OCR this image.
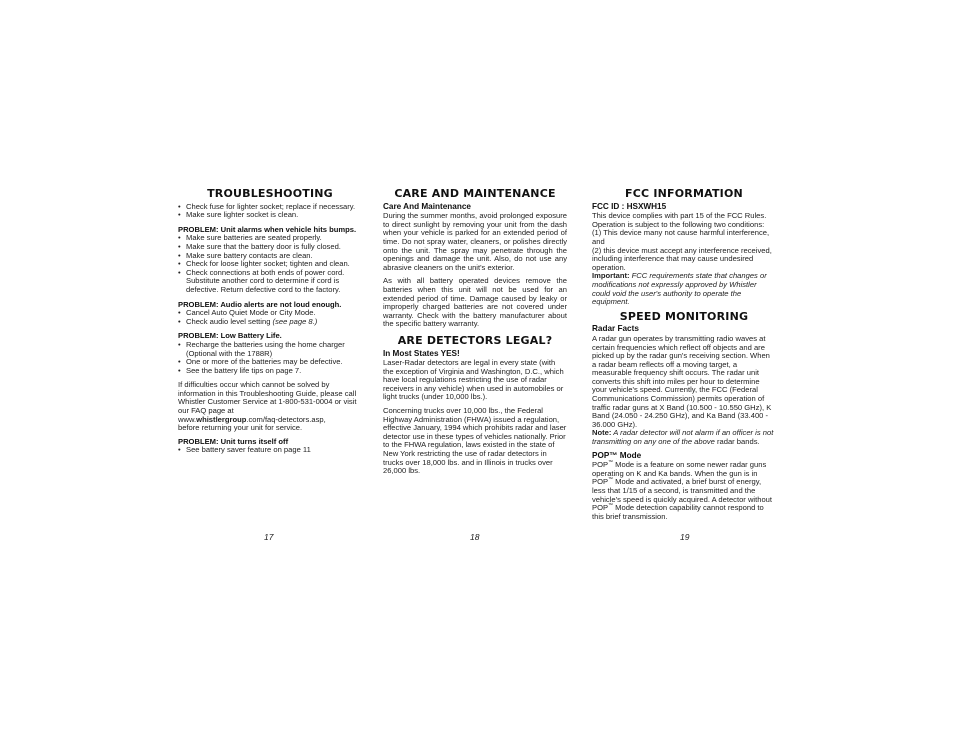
TROUBLESHOOTING
• Check fuse for lighter socket; replace if necessary.
• Make sure lighter socket is clean.
PROBLEM: Unit alarms when vehicle hits bumps.
• Make sure batteries are seated properly.
• Make sure that the battery door is fully closed.
• Make sure battery contacts are clean.
• Check for loose lighter socket; tighten and clean.
• Check connections at both ends of power cord. Substitute another cord to determine if cord is defective. Return defective cord to the factory.
PROBLEM: Audio alerts are not loud enough.
• Cancel Auto Quiet Mode or City Mode.
• Check audio level setting (see page 8.)
PROBLEM: Low Battery Life.
• Recharge the batteries using the home charger (Optional with the 1788R)
• One or more of the batteries may be defective.
• See the battery life tips on page 7.

If difficulties occur which cannot be solved by information in this Troubleshooting Guide, please call Whistler Customer Service at 1-800-531-0004 or visit our FAQ page at
www.whistlergroup.com/faq-detectors.asp,
before returning your unit for service.

PROBLEM: Unit turns itself off
• See battery saver feature on page 11
17
CARE AND MAINTENANCE
Care And Maintenance

During the summer months, avoid prolonged exposure to direct sunlight by removing your unit from the dash when your vehicle is parked for an extended period of time. Do not spray water, cleaners, or polishes directly onto the unit. The spray may penetrate through the openings and damage the unit. Also, do not use any abrasive cleaners on the unit's exterior.

As with all battery operated devices remove the batteries when this unit will not be used for an extended period of time. Damage caused by leaky or improperly charged batteries are not covered under warranty. Check with the battery manufacturer about the specific battery warranty.

ARE DETECTORS LEGAL?
In Most States YES!

Laser-Radar detectors are legal in every state (with the exception of Virginia and Washington, D.C., which have local regulations restricting the use of radar receivers in any vehicle) when used in automobiles or light trucks (under 10,000 lbs.).

Concerning trucks over 10,000 lbs., the Federal Highway Administration (FHWA) issued a regulation, effective January, 1994 which prohibits radar and laser detector use in these types of vehicles nationally. Prior to the FHWA regulation, laws existed in the state of New York restricting the use of radar detectors in trucks over 18,000 lbs. and in Illinois in trucks over 26,000 lbs.

18
FCC INFORMATION
FCC ID : HSXWH15

This device complies with part 15 of the FCC Rules. Operation is subject to the following two conditions:

(1) This device many not cause harmful interference, and

(2) this device must accept any interference received, including interference that may cause undesired operation.

Important: FCC requirements state that changes or modifications not expressly approved by Whistler could void the user's authority to operate the equipment.

SPEED MONITORING
Radar Facts

A radar gun operates by transmitting radio waves at certain frequencies which reflect off objects and are picked up by the radar gun's receiving section. When a radar beam reflects off a moving target, a measurable frequency shift occurs. The radar unit converts this shift into miles per hour to determine your vehicle's speed. Currently, the FCC (Federal Communications Commission) permits operation of traffic radar guns at X Band (10.500 - 10.550 GHz), K Band (24.050 - 24.250 GHz), and Ka Band (33.400 - 36.000 GHz).

Note: A radar detector will not alarm if an officer is not transmitting on any one of the above radar bands.

POP™ Mode

POP™ Mode is a feature on some newer radar guns operating on K and Ka bands. When the gun is in POP™ Mode and activated, a brief burst of energy, less that 1/15 of a second, is transmitted and the vehicle's speed is quickly acquired. A detector without POP™ Mode detection capability cannot respond to this brief transmission.

19
